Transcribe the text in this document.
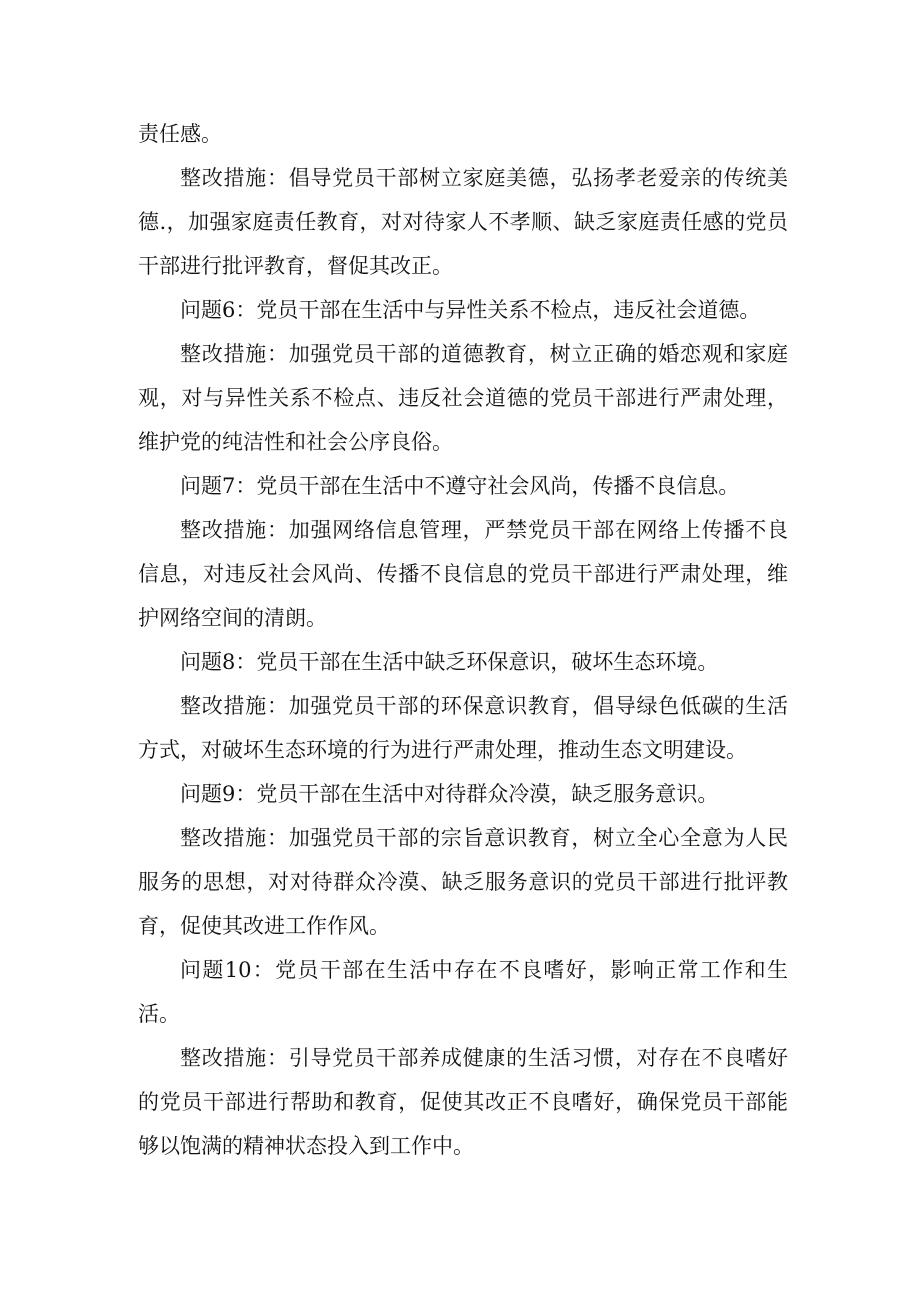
责任感。

整改措施：倡导党员干部树立家庭美德，弘扬孝老爱亲的传统美德.，加强家庭责任教育，对对待家人不孝顺、缺乏家庭责任感的党员干部进行批评教育，督促其改正。

问题6：党员干部在生活中与异性关系不检点，违反社会道德。

整改措施：加强党员干部的道德教育，树立正确的婚恋观和家庭观，对与异性关系不检点、违反社会道德的党员干部进行严肃处理，维护党的纯洁性和社会公序良俗。

问题7：党员干部在生活中不遵守社会风尚，传播不良信息。

整改措施：加强网络信息管理，严禁党员干部在网络上传播不良信息，对违反社会风尚、传播不良信息的党员干部进行严肃处理，维护网络空间的清朗。

问题8：党员干部在生活中缺乏环保意识，破坏生态环境。

整改措施：加强党员干部的环保意识教育，倡导绿色低碳的生活方式，对破坏生态环境的行为进行严肃处理，推动生态文明建设。

问题9：党员干部在生活中对待群众冷漠，缺乏服务意识。

整改措施：加强党员干部的宗旨意识教育，树立全心全意为人民服务的思想，对对待群众冷漠、缺乏服务意识的党员干部进行批评教育，促使其改进工作作风。

问题10：党员干部在生活中存在不良嗜好，影响正常工作和生活。

整改措施：引导党员干部养成健康的生活习惯，对存在不良嗜好的党员干部进行帮助和教育，促使其改正不良嗜好，确保党员干部能够以饱满的精神状态投入到工作中。
